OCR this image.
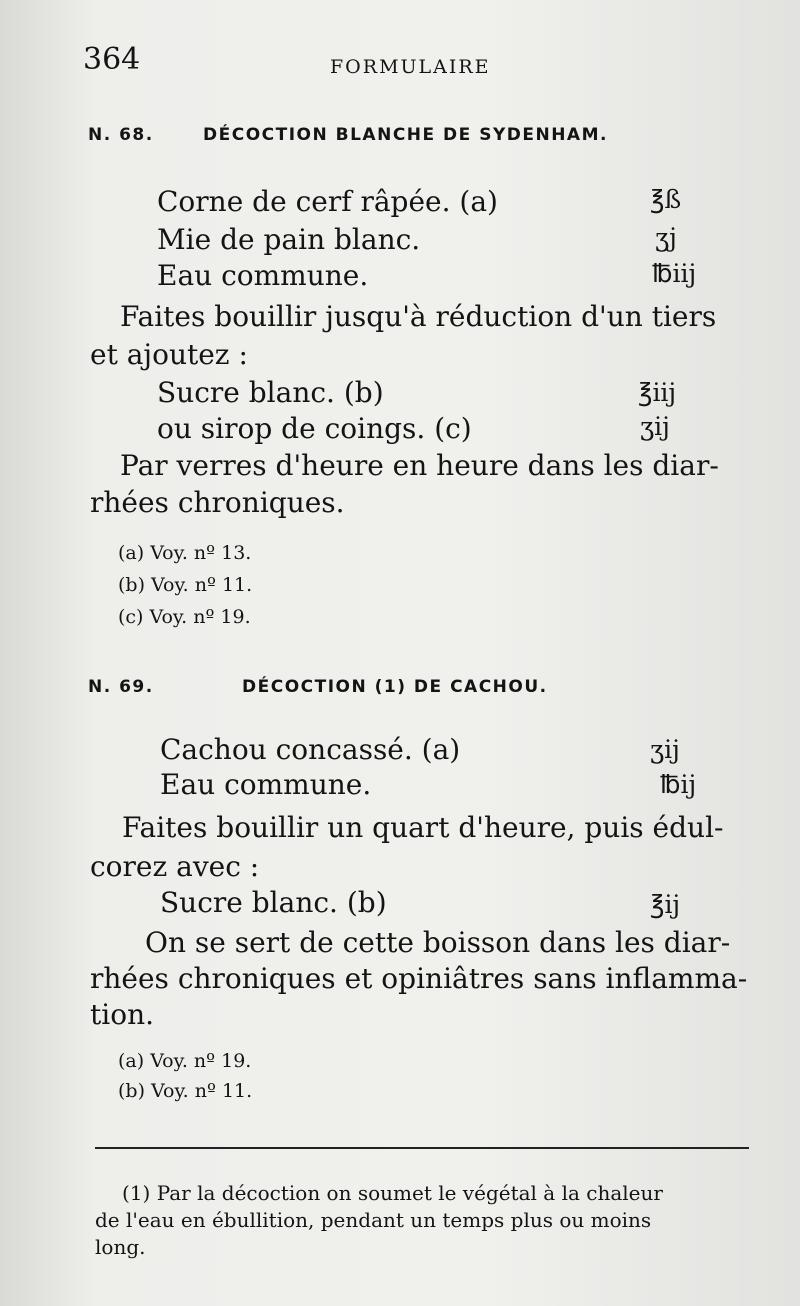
364	FORMULAIRE
N. 68.	DÉCOCTION BLANCHE DE SYDENHAM.
Corne de cerf râpée. (a)	℥ß
Mie de pain blanc.	ʒj
Eau commune.	℔iij
Faites bouillir jusqu'à réduction d'un tiers
et ajoutez :
Sucre blanc. (b)	℥iij
ou sirop de coings. (c)	ʒij
Par verres d'heure en heure dans les diar-
rhées chroniques.
(a) Voy. nº 13.
(b) Voy. nº 11.
(c) Voy. nº 19.
N. 69.	DÉCOCTION (1) DE CACHOU.
Cachou concassé. (a)	ʒij
Eau commune.	℔ij
Faites bouillir un quart d'heure, puis édul-
corez avec :
Sucre blanc. (b)	℥ij
On se sert de cette boisson dans les diar-
rhées chroniques et opiniâtres sans inflamma-
tion.
(a) Voy. nº 19.
(b) Voy. nº 11.
(1) Par la décoction on soumet le végétal à la chaleur
de l'eau en ébullition, pendant un temps plus ou moins
long.
